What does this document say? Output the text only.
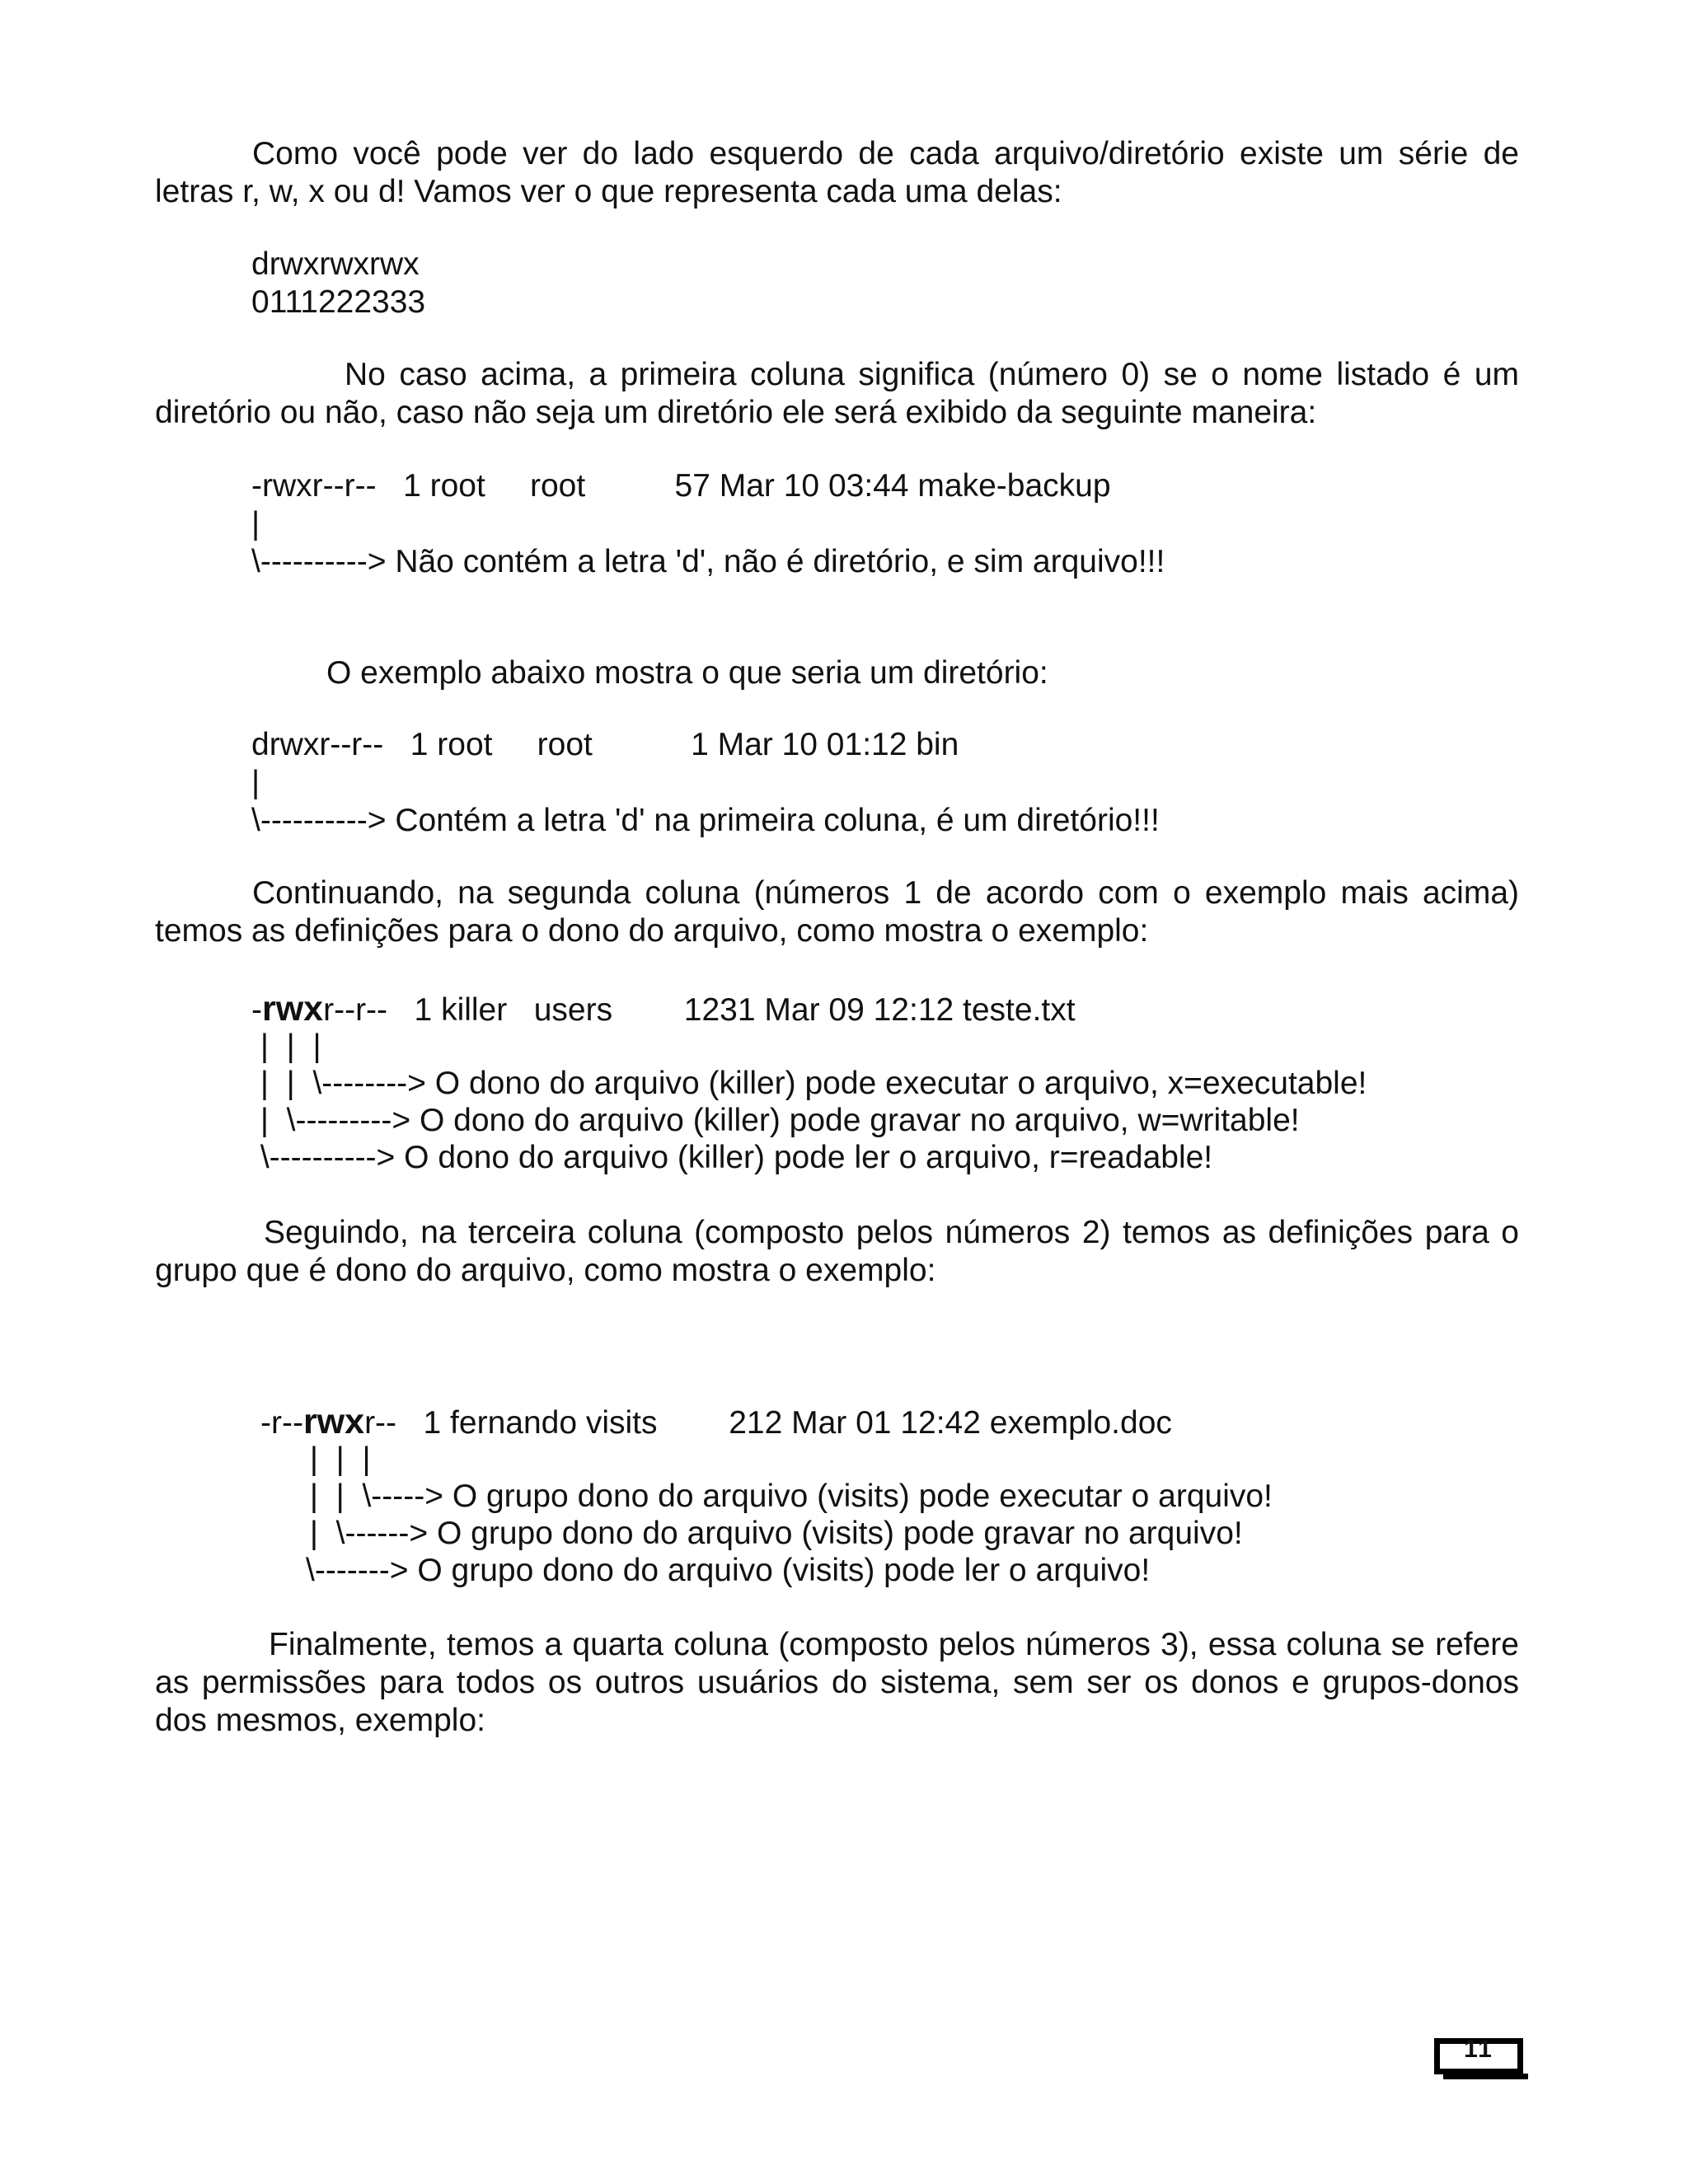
Como você pode ver do lado esquerdo de cada arquivo/diretório existe um série de letras r, w, x ou d! Vamos ver o que representa cada uma delas:
drwxrwxrwx
0111222333
No caso acima, a primeira coluna significa (número 0) se o nome listado é um diretório ou não, caso não seja um diretório ele será exibido da seguinte maneira:
-rwxr--r--   1 root     root          57 Mar 10 03:44 make-backup
|
\----------> Não contém a letra 'd', não é diretório, e sim arquivo!!!
O exemplo abaixo mostra o que seria um diretório:
drwxr--r--   1 root     root           1 Mar 10 01:12 bin
|
\----------> Contém a letra 'd' na primeira coluna, é um diretório!!!
Continuando, na segunda coluna (números 1 de acordo com o exemplo mais acima) temos as definições para o dono do arquivo, como mostra o exemplo:
-rwxr--r--   1 killer   users        1231 Mar 09 12:12 teste.txt
|  |  |
|  |  \--------> O dono do arquivo (killer) pode executar o arquivo, x=executable!
|  \---------> O dono do arquivo (killer) pode gravar no arquivo, w=writable!
\----------> O dono do arquivo (killer) pode ler o arquivo, r=readable!
Seguindo, na terceira coluna (composto pelos números 2) temos as definições para o grupo que é dono do arquivo, como mostra o exemplo:
-r--rwxr--   1 fernando visits        212 Mar 01 12:42 exemplo.doc
|  |  |
|  |  \-----> O grupo dono do arquivo (visits) pode executar o arquivo!
|  \------> O grupo dono do arquivo (visits) pode gravar no arquivo!
\-------> O grupo dono do arquivo (visits) pode ler o arquivo!
Finalmente, temos a quarta coluna (composto pelos números 3), essa coluna se refere as permissões para todos os outros usuários do sistema, sem ser os donos e grupos-donos dos mesmos, exemplo:
11
